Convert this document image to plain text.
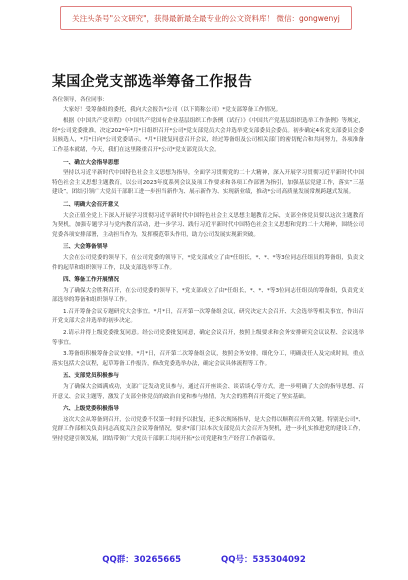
关注头条号"公文研究"，获得最新最全最专业的公文资料库！ 微信：gongwenyj
某国企党支部选举筹备工作报告

各位领导，各位同事：

大家好！受筹备组的委托，我向大会报告*公司（以下简称公司）*党支部筹备工作情况。

根据《中国共产党章程》《中国共产党国有企业基层组织工作条例（试行）》《中国共产党基层组织选举工作条例》等规定，经*公司党委批准，决定202*年*月*日组织召开*公司*党支部党员大会并选举党支部委员会委员。初步确定4名党支部委员会委员候选人，*月*日向*公司党委请示，*月*日批复同意召开会议，经过筹备组及公司相关部门的密切配合和共同努力，各项准备工作基本就绪，今天，我们在这里隆重召开*公司*党支部党员大会。

一、确立大会指导思想

坚持以习近平新时代中国特色社会主义思想为指导，全面学习贯彻党的二十大精神，深入开展学习贯彻习近平新时代中国特色社会主义思想主题教育，以公司2023年度系列会议及项工作要求和各项工作部署为指引，加强基层党建工作，落实“三基建设”，团结引领广大党员干部职工进一步担当新作为、展示新作为、实现新业绩，推动*公司高质量发展常规跨越式发展。

二、明确大会召开意义

大会正值全党上下深入开展学习贯彻习近平新时代中国特色社会主义思想主题教育之际，支部全体党员要以这次主题教育为契机，加强专题学习与党内教育活动，进一步学习、践行习近平新时代中国特色社会主义思想和党的二十大精神，围绕公司党委各项安排部署，主动担当作为，发挥模范带头作用，助力公司发展实现新突破。

三、大会筹备领导

大会在公司党委的领导下，在公司党委的领导下，*党支部成立了由*任组长，*、*、*等3位同志任组员的筹备组，负责文件的起草和组织领导工作，以及支部选举等工作。

四、筹备工作开展情况

为了确保大会胜利召开，在公司党委的领导下，*党支部成立了由*任组长，*、*、*等3位同志任组员的筹备组，负责党支部选举的筹备和组织领导工作。

1.召开筹备会议专题研究大会事宜。*月*日，召开第一次筹备组会议，研究决定大会召开、大会选举等相关事宜，作出召开党支部大会并选举的初步决定。

2.请示并得上级党委批复同意。经公司党委批复同意，确定会议召开，按照上级要求和会务安排研究会议议程、会议选举等事宜。

3.筹备组积极筹备会议安排。*月*日，召开第二次筹备组会议，按照会务安排，细化分工，明确责任人及完成时间，重点落实包括大会议程，起草筹备工作报告，修改党委选举办法，确定会议具体流程等工作。

五、支部党员积极参与

为了确保大会圆满成功，支部广泛发动党员参与，通过召开座谈会、谈话谈心等方式，进一步明确了大会的指导思想、召开意义、会议主题等，激发了支部全体党员的政治自觉和参与热情，为大会的胜利召开奠定了坚实基础。

六、上级党委积极指导

这次大会从筹备到召开，公司党委不仅第一时间予以批复，还多次现场指导，是大会得以顺利召开的关键。特别是公司*、党群工作部相关负责同志高度关注会议筹备情况，要求*部门以本次支部党员大会召开为契机，进一步扎实推进党的建设工作，坚持党建引领发展，团结带领广大党员干部职工共同开拓*公司党建和生产经营工作新篇章。

QQ群：30265665	QQ号：535304092
